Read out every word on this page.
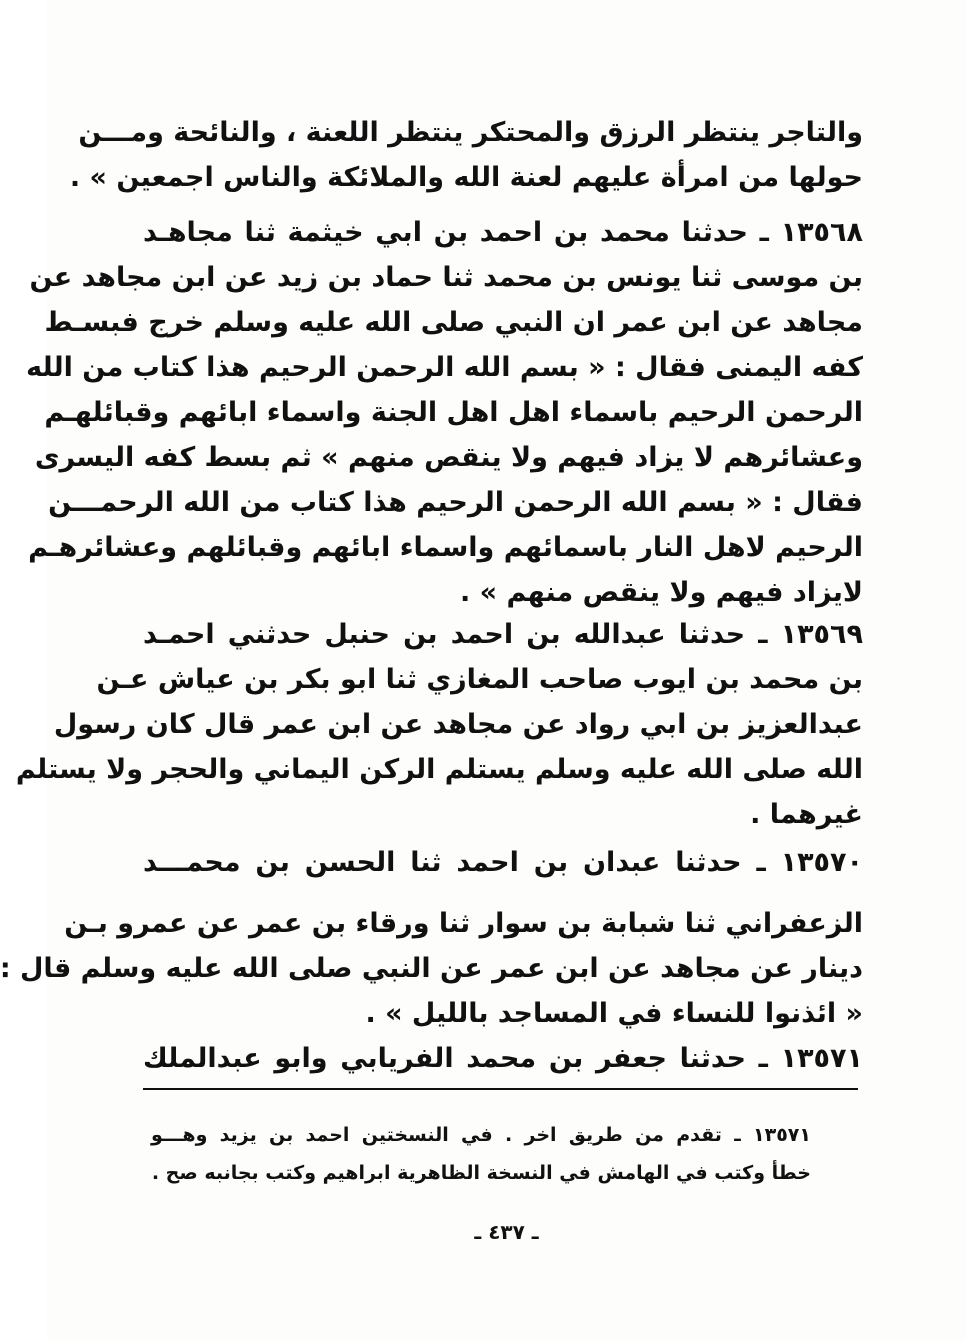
والتاجر ينتظر الرزق والمحتكر ينتظر اللعنة ، والنائحة ومـــن
حولها من امرأة عليهم لعنة الله والملائكة والناس اجمعين » .
١٣٥٦٨ ـ حدثنا محمد بن احمد بن ابي خيثمة ثنا مجاهـد
بن موسى ثنا يونس بن محمد ثنا حماد بن زيد عن ابن مجاهد عن
مجاهد عن ابن عمر ان النبي صلى الله عليه وسلم خرج فبسـط
كفه اليمنى فقال : « بسم الله الرحمن الرحيم هذا كتاب من الله
الرحمن الرحيم باسماء اهل اهل الجنة واسماء ابائهم وقبائلهـم
وعشائرهم لا يزاد فيهم ولا ينقص منهم » ثم بسط كفه اليسرى
فقال : « بسم الله الرحمن الرحيم هذا كتاب من الله الرحمـــن
الرحيم لاهل النار باسمائهم واسماء ابائهم وقبائلهم وعشائرهـم
لايزاد فيهم ولا ينقص منهم » .
١٣٥٦٩ ـ حدثنا عبدالله بن احمد بن حنبل حدثني احمـد
بن محمد بن ايوب صاحب المغازي ثنا ابو بكر بن عياش عـن
عبدالعزيز بن ابي رواد عن مجاهد عن ابن عمر قال كان رسول
الله صلى الله عليه وسلم يستلم الركن اليماني والحجر ولا يستلم
غيرهما .
١٣٥٧٠ ـ حدثنا عبدان بن احمد ثنا الحسن بن محمـــد
الزعفراني ثنا شبابة بن سوار ثنا ورقاء بن عمر عن عمرو بـن
دينار عن مجاهد عن ابن عمر عن النبي صلى الله عليه وسلم قال :
« ائذنوا للنساء في المساجد بالليل » .
١٣٥٧١ ـ حدثنا جعفر بن محمد الفريابي وابو عبدالملك
١٣٥٧١ ـ تقدم من طريق اخر . في النسختين احمد بن يزيد وهـــو
خطأ وكتب في الهامش في النسخة الظاهرية ابراهيم وكتب بجانبه صح .
ـ ٤٣٧ ـ
